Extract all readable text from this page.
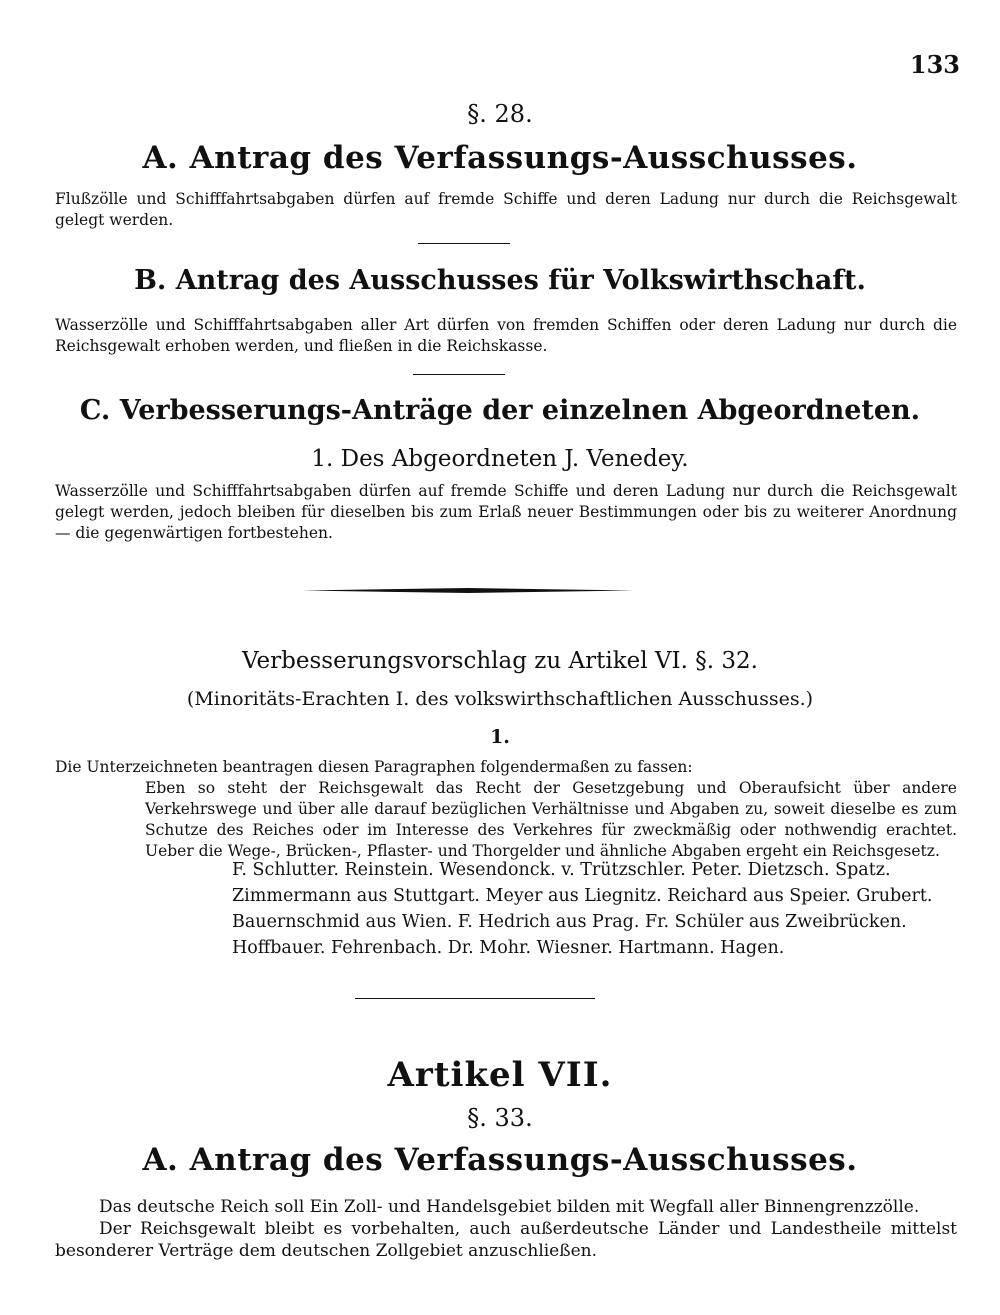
133
§. 28.
A. Antrag des Verfassungs-Ausschusses.

Flußzölle und Schifffahrtsabgaben dürfen auf fremde Schiffe und deren Ladung nur durch die Reichsgewalt gelegt werden.

B. Antrag des Ausschusses für Volkswirthschaft.

Wasserzölle und Schifffahrtsabgaben aller Art dürfen von fremden Schiffen oder deren Ladung nur durch die Reichsgewalt erhoben werden, und fließen in die Reichskasse.

C. Verbesserungs-Anträge der einzelnen Abgeordneten.
1. Des Abgeordneten J. Venedey.

Wasserzölle und Schifffahrtsabgaben dürfen auf fremde Schiffe und deren Ladung nur durch die Reichsgewalt gelegt werden, jedoch bleiben für dieselben bis zum Erlaß neuer Bestimmungen oder bis zu weiterer Anordnung — die gegenwärtigen fortbestehen.

Verbesserungsvorschlag zu Artikel VI. §. 32.
(Minoritäts-Erachten I. des volkswirthschaftlichen Ausschusses.)
1.

Die Unterzeichneten beantragen diesen Paragraphen folgendermaßen zu fassen:

Eben so steht der Reichsgewalt das Recht der Gesetzgebung und Oberaufsicht über andere Verkehrswege und über alle darauf bezüglichen Verhältnisse und Abgaben zu, soweit dieselbe es zum Schutze des Reiches oder im Interesse des Verkehres für zweckmäßig oder nothwendig erachtet. Ueber die Wege-, Brücken-, Pflaster- und Thorgelder und ähnliche Abgaben ergeht ein Reichsgesetz.

F. Schlutter. Reinstein. Wesendonck. v. Trützschler. Peter. Dietzsch. Spatz.

Zimmermann aus Stuttgart. Meyer aus Liegnitz. Reichard aus Speier. Grubert.

Bauernschmid aus Wien. F. Hedrich aus Prag. Fr. Schüler aus Zweibrücken.

Hoffbauer. Fehrenbach. Dr. Mohr. Wiesner. Hartmann. Hagen.

Artikel VII.
§. 33.
A. Antrag des Verfassungs-Ausschusses.

Das deutsche Reich soll Ein Zoll- und Handelsgebiet bilden mit Wegfall aller Binnengrenzzölle.

Der Reichsgewalt bleibt es vorbehalten, auch außerdeutsche Länder und Landestheile mittelst besonderer Verträge dem deutschen Zollgebiet anzuschließen.
